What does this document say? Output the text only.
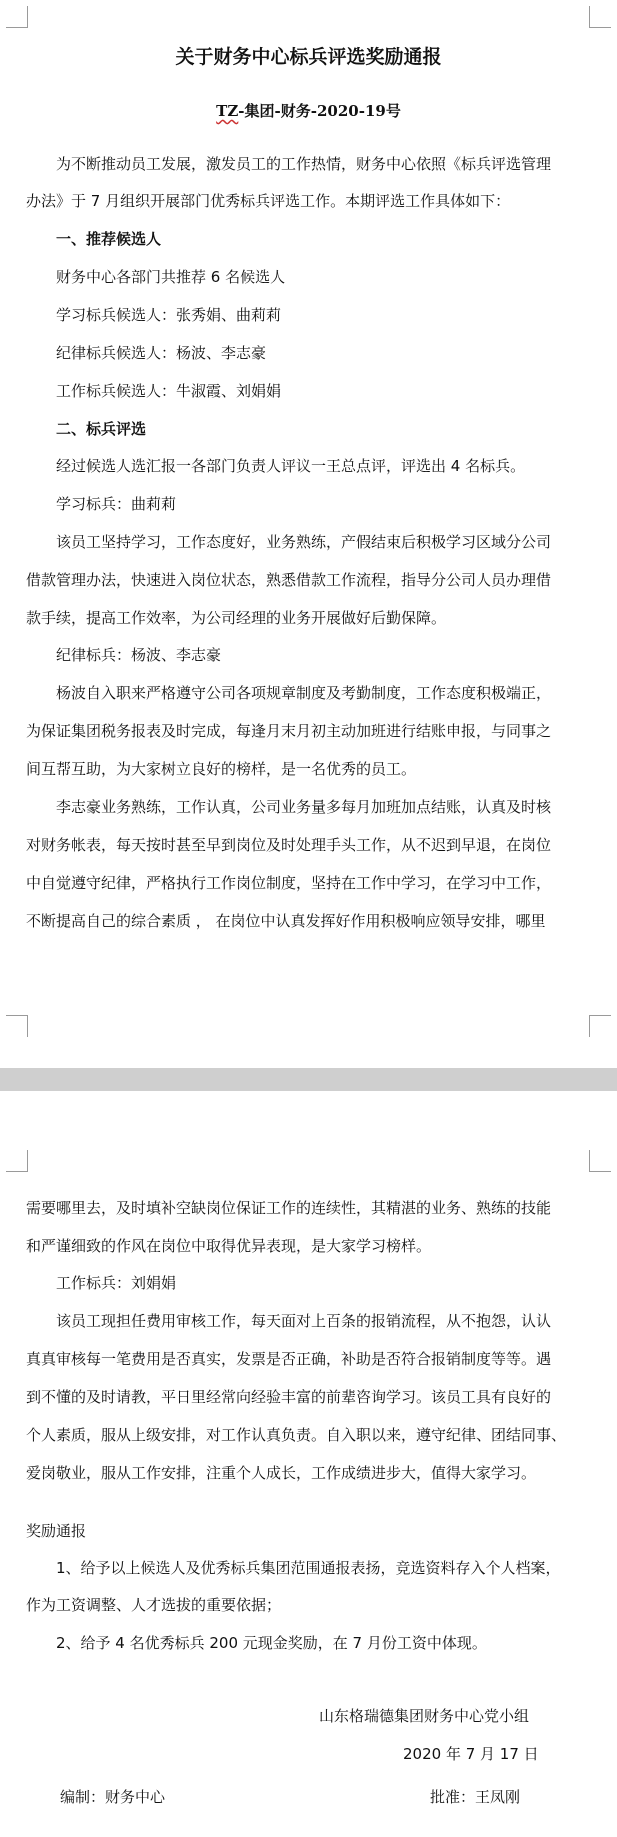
关于财务中心标兵评选奖励通报
TZ-集团-财务-2020-19号
为不断推动员工发展，激发员工的工作热情，财务中心依照《标兵评选管理
办法》于 7 月组织开展部门优秀标兵评选工作。本期评选工作具体如下：
一、推荐候选人
财务中心各部门共推荐 6 名候选人
学习标兵候选人：张秀娟、曲莉莉
纪律标兵候选人：杨波、李志豪
工作标兵候选人：牛淑霞、刘娟娟
二、标兵评选
经过候选人选汇报一各部门负责人评议一王总点评，评选出 4 名标兵。
学习标兵：曲莉莉
该员工坚持学习，工作态度好，业务熟练，产假结束后积极学习区域分公司
借款管理办法，快速进入岗位状态，熟悉借款工作流程，指导分公司人员办理借
款手续，提高工作效率，为公司经理的业务开展做好后勤保障。
纪律标兵：杨波、李志豪
杨波自入职来严格遵守公司各项规章制度及考勤制度，工作态度积极端正，
为保证集团税务报表及时完成，每逢月末月初主动加班进行结账申报，与同事之
间互帮互助，为大家树立良好的榜样，是一名优秀的员工。
李志豪业务熟练，工作认真，公司业务量多每月加班加点结账，认真及时核
对财务帐表，每天按时甚至早到岗位及时处理手头工作，从不迟到早退，在岗位
中自觉遵守纪律，严格执行工作岗位制度，坚持在工作中学习，在学习中工作，
不断提高自己的综合素质 ， 在岗位中认真发挥好作用积极响应领导安排，哪里
需要哪里去，及时填补空缺岗位保证工作的连续性，其精湛的业务、熟练的技能
和严谨细致的作风在岗位中取得优异表现，是大家学习榜样。
工作标兵：刘娟娟
该员工现担任费用审核工作，每天面对上百条的报销流程，从不抱怨，认认
真真审核每一笔费用是否真实，发票是否正确，补助是否符合报销制度等等。遇
到不懂的及时请教，平日里经常向经验丰富的前辈咨询学习。该员工具有良好的
个人素质，服从上级安排，对工作认真负责。自入职以来，遵守纪律、团结同事、
爱岗敬业，服从工作安排，注重个人成长，工作成绩进步大，值得大家学习。
奖励通报
1、给予以上候选人及优秀标兵集团范围通报表扬，竞选资料存入个人档案，
作为工资调整、人才选拔的重要依据；
2、给予 4 名优秀标兵 200 元现金奖励，在 7 月份工资中体现。
山东格瑞德集团财务中心党小组
2020 年 7 月 17 日
编制：财务中心	批准：王凤刚
